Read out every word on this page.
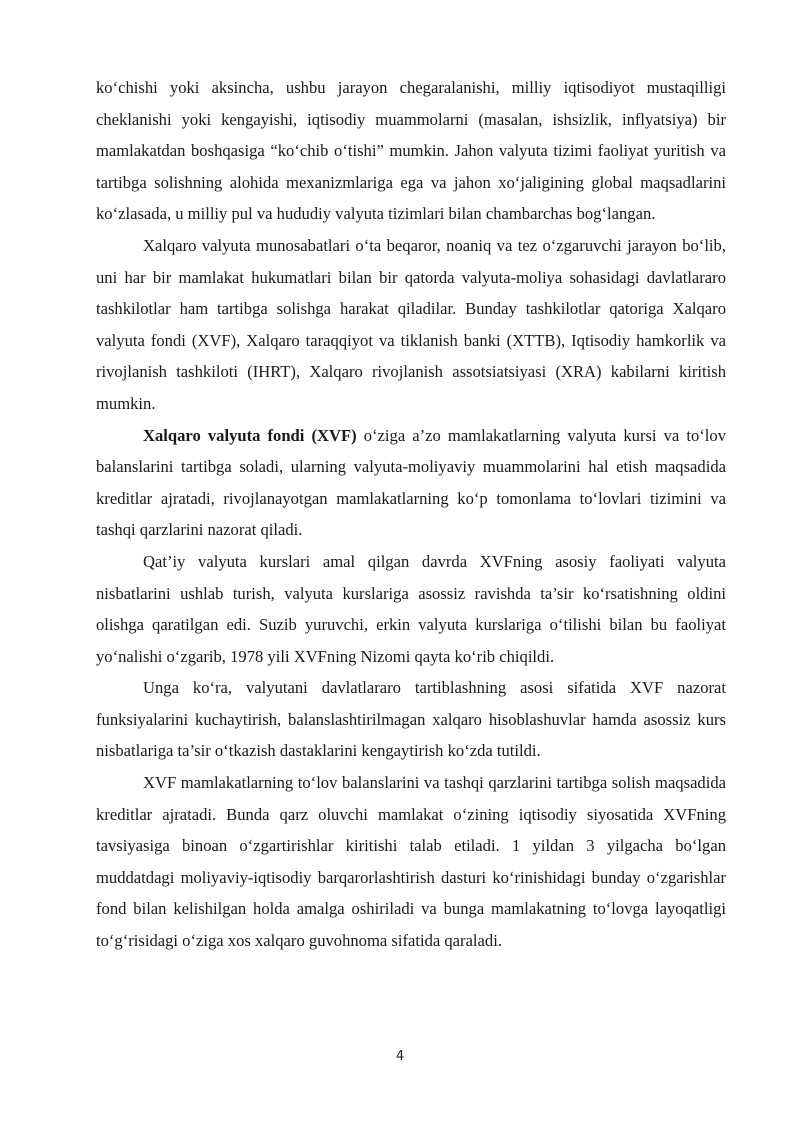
ko‘chishi yoki aksincha, ushbu jarayon chegaralanishi, milliy iqtisodiyot mustaqilligi cheklanishi yoki kengayishi, iqtisodiy muammolarni (masalan, ishsizlik, inflyatsiya) bir mamlakatdan boshqasiga “ko‘chib o‘tishi” mumkin. Jahon valyuta tizimi faoliyat yuritish va tartibga solishning alohida mexanizmlariga ega va jahon xo‘jaligining global maqsadlarini ko‘zlasada, u milliy pul va hududiy valyuta tizimlari bilan chambarchas bog‘langan.

Xalqaro valyuta munosabatlari o‘ta beqaror, noaniq va tez o‘zgaruvchi jarayon bo‘lib, uni har bir mamlakat hukumatlari bilan bir qatorda valyuta-moliya sohasidagi davlatlararo tashkilotlar ham tartibga solishga harakat qiladilar. Bunday tashkilotlar qatoriga Xalqaro valyuta fondi (XVF), Xalqaro taraqqiyot va tiklanish banki (XTTB), Iqtisodiy hamkorlik va rivojlanish tashkiloti (IHRT), Xalqaro rivojlanish assotsiatsiyasi (XRA) kabilarni kiritish mumkin.

Xalqaro valyuta fondi (XVF) o‘ziga a’zo mamlakatlarning valyuta kursi va to‘lov balanslarini tartibga soladi, ularning valyuta-moliyaviy muammolarini hal etish maqsadida kreditlar ajratadi, rivojlanayotgan mamlakatlarning ko‘p tomonlama to‘lovlari tizimini va tashqi qarzlarini nazorat qiladi.

Qat’iy valyuta kurslari amal qilgan davrda XVFning asosiy faoliyati valyuta nisbatlarini ushlab turish, valyuta kurslariga asossiz ravishda ta’sir ko‘rsatishning oldini olishga qaratilgan edi. Suzib yuruvchi, erkin valyuta kurslariga o‘tilishi bilan bu faoliyat yo‘nalishi o‘zgarib, 1978 yili XVFning Nizomi qayta ko‘rib chiqildi.

Unga ko‘ra, valyutani davlatlararo tartiblashning asosi sifatida XVF nazorat funksiyalarini kuchaytirish, balanslashtirilmagan xalqaro hisoblashuvlar hamda asossiz kurs nisbatlariga ta’sir o‘tkazish dastaklarini kengaytirish ko‘zda tutildi.

XVF mamlakatlarning to‘lov balanslarini va tashqi qarzlarini tartibga solish maqsadida kreditlar ajratadi. Bunda qarz oluvchi mamlakat o‘zining iqtisodiy siyosatida XVFning tavsiyasiga binoan o‘zgartirishlar kiritishi talab etiladi. 1 yildan 3 yilgacha bo‘lgan muddatdagi moliyaviy-iqtisodiy barqarorlashtirish dasturi ko‘rinishidagi bunday o‘zgarishlar fond bilan kelishilgan holda amalga oshiriladi va bunga mamlakatning to‘lovga layoqatligi to‘g‘risidagi o‘ziga xos xalqaro guvohnoma sifatida qaraladi.

4
